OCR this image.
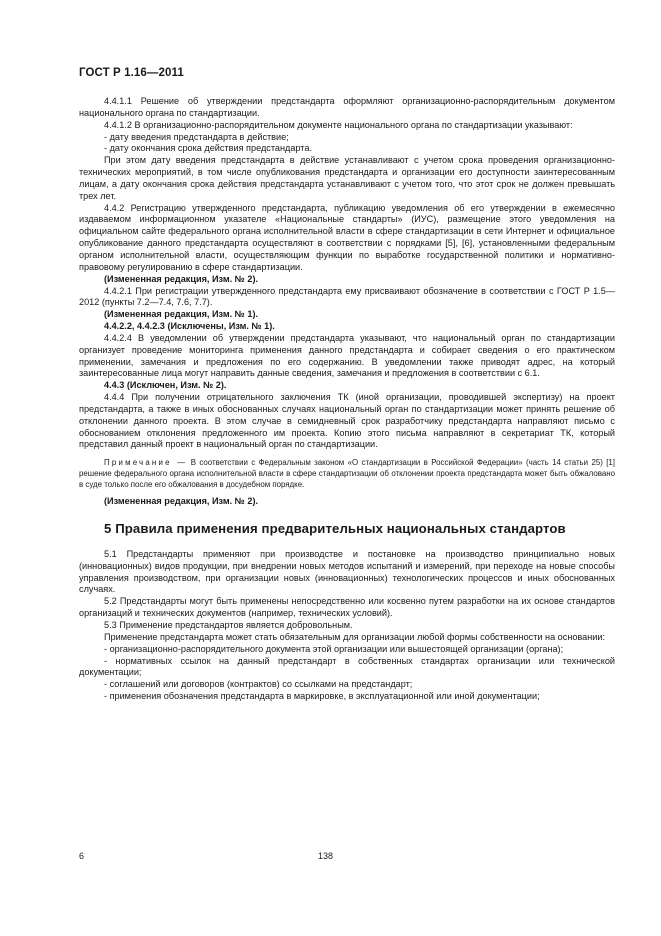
ГОСТ Р 1.16—2011

4.4.1.1 Решение об утверждении предстандарта оформляют организационно-распорядительным документом национального органа по стандартизации.

4.4.1.2 В организационно-распорядительном документе национального органа по стандартизации указывают:

- дату введения предстандарта в действие;

- дату окончания срока действия предстандарта.

При этом дату введения предстандарта в действие устанавливают с учетом срока проведения организационно-технических мероприятий, в том числе опубликования предстандарта и организации его доступности заинтересованным лицам, а дату окончания срока действия предстандарта устанавливают с учетом того, что этот срок не должен превышать трех лет.

4.4.2 Регистрацию утвержденного предстандарта, публикацию уведомления об его утверждении в ежемесячно издаваемом информационном указателе «Национальные стандарты» (ИУС), размещение этого уведомления на официальном сайте федерального органа исполнительной власти в сфере стандартизации в сети Интернет и официальное опубликование данного предстандарта осуществляют в соответствии с порядками [5], [6], установленными федеральным органом исполнительной власти, осуществляющим функции по выработке государственной политики и нормативно-правовому регулированию в сфере стандартизации.

(Измененная редакция, Изм. № 2).

4.4.2.1 При регистрации утвержденного предстандарта ему присваивают обозначение в соответствии с ГОСТ Р 1.5—2012 (пункты 7.2—7.4, 7.6, 7.7).

(Измененная редакция, Изм. № 1).

4.4.2.2, 4.4.2.3 (Исключены, Изм. № 1).

4.4.2.4 В уведомлении об утверждении предстандарта указывают, что национальный орган по стандартизации организует проведение мониторинга применения данного предстандарта и собирает сведения о его практическом применении, замечания и предложения по его содержанию. В уведомлении также приводят адрес, на который заинтересованные лица могут направить данные сведения, замечания и предложения в соответствии с 6.1.

4.4.3 (Исключен, Изм. № 2).

4.4.4 При получении отрицательного заключения ТК (иной организации, проводившей экспертизу) на проект предстандарта, а также в иных обоснованных случаях национальный орган по стандартизации может принять решение об отклонении данного проекта. В этом случае в семидневный срок разработчику предстандарта направляют письмо с обоснованием отклонения предложенного им проекта. Копию этого письма направляют в секретариат ТК, который представил данный проект в национальный орган по стандартизации.

Примечание — В соответствии с Федеральным законом «О стандартизации в Российской Федерации» (часть 14 статьи 25) [1] решение федерального органа исполнительной власти в сфере стандартизации об отклонении проекта предстандарта может быть обжаловано в суде только после его обжалования в досудебном порядке.

(Измененная редакция, Изм. № 2).

5 Правила применения предварительных национальных стандартов

5.1 Предстандарты применяют при производстве и постановке на производство принципиально новых (инновационных) видов продукции, при внедрении новых методов испытаний и измерений, при переходе на новые способы управления производством, при организации новых (инновационных) технологических процессов и иных обоснованных случаях.

5.2 Предстандарты могут быть применены непосредственно или косвенно путем разработки на их основе стандартов организаций и технических документов (например, технических условий).

5.3 Применение предстандартов является добровольным.

Применение предстандарта может стать обязательным для организации любой формы собственности на основании:

- организационно-распорядительного документа этой организации или вышестоящей организации (органа);

- нормативных ссылок на данный предстандарт в собственных стандартах организации или технической документации;

- соглашений или договоров (контрактов) со ссылками на предстандарт;

- применения обозначения предстандарта в маркировке, в эксплуатационной или иной документации;

6	138
